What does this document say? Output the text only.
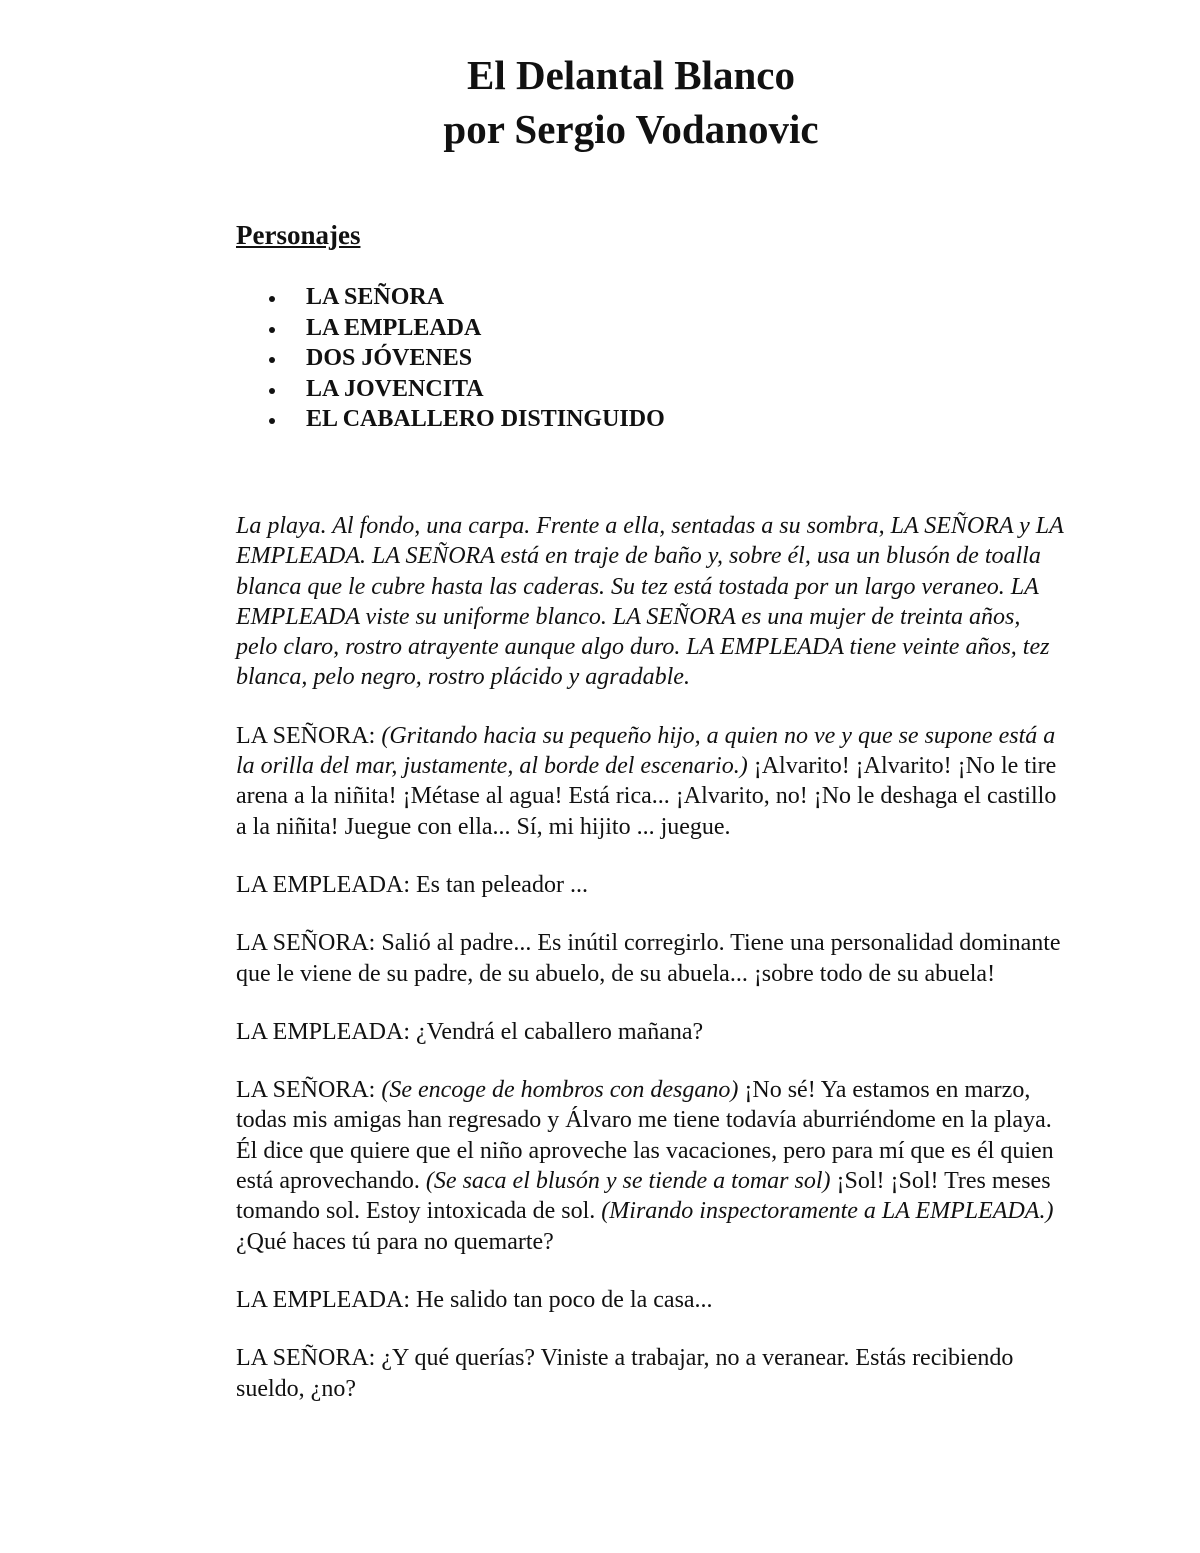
El Delantal Blanco
por Sergio Vodanovic
Personajes
LA SEÑORA
LA EMPLEADA
DOS JÓVENES
LA JOVENCITA
EL CABALLERO DISTINGUIDO

La playa. Al fondo, una carpa. Frente a ella, sentadas a su sombra, LA SEÑORA y LA EMPLEADA. LA SEÑORA está en traje de baño y, sobre él, usa un blusón de toalla blanca que le cubre hasta las caderas. Su tez está tostada por un largo veraneo. LA EMPLEADA viste su uniforme blanco. LA SEÑORA es una mujer de treinta años, pelo claro, rostro atrayente aunque algo duro. LA EMPLEADA tiene veinte años, tez blanca, pelo negro, rostro plácido y agradable.

LA SEÑORA: (Gritando hacia su pequeño hijo, a quien no ve y que se supone está a la orilla del mar, justamente, al borde del escenario.) ¡Alvarito! ¡Alvarito! ¡No le tire arena a la niñita! ¡Métase al agua! Está rica... ¡Alvarito, no! ¡No le deshaga el castillo a la niñita! Juegue con ella... Sí, mi hijito ... juegue.

LA EMPLEADA: Es tan peleador ...

LA SEÑORA: Salió al padre... Es inútil corregirlo. Tiene una personalidad dominante que le viene de su padre, de su abuelo, de su abuela... ¡sobre todo de su abuela!

LA EMPLEADA: ¿Vendrá el caballero mañana?

LA SEÑORA: (Se encoge de hombros con desgano) ¡No sé! Ya estamos en marzo, todas mis amigas han regresado y Álvaro me tiene todavía aburriéndome en la playa. Él dice que quiere que el niño aproveche las vacaciones, pero para mí que es él quien está aprovechando. (Se saca el blusón y se tiende a tomar sol) ¡Sol! ¡Sol! Tres meses tomando sol. Estoy intoxicada de sol. (Mirando inspectoramente a LA EMPLEADA.) ¿Qué haces tú para no quemarte?

LA EMPLEADA: He salido tan poco de la casa...

LA SEÑORA: ¿Y qué querías? Viniste a trabajar, no a veranear. Estás recibiendo sueldo, ¿no?
